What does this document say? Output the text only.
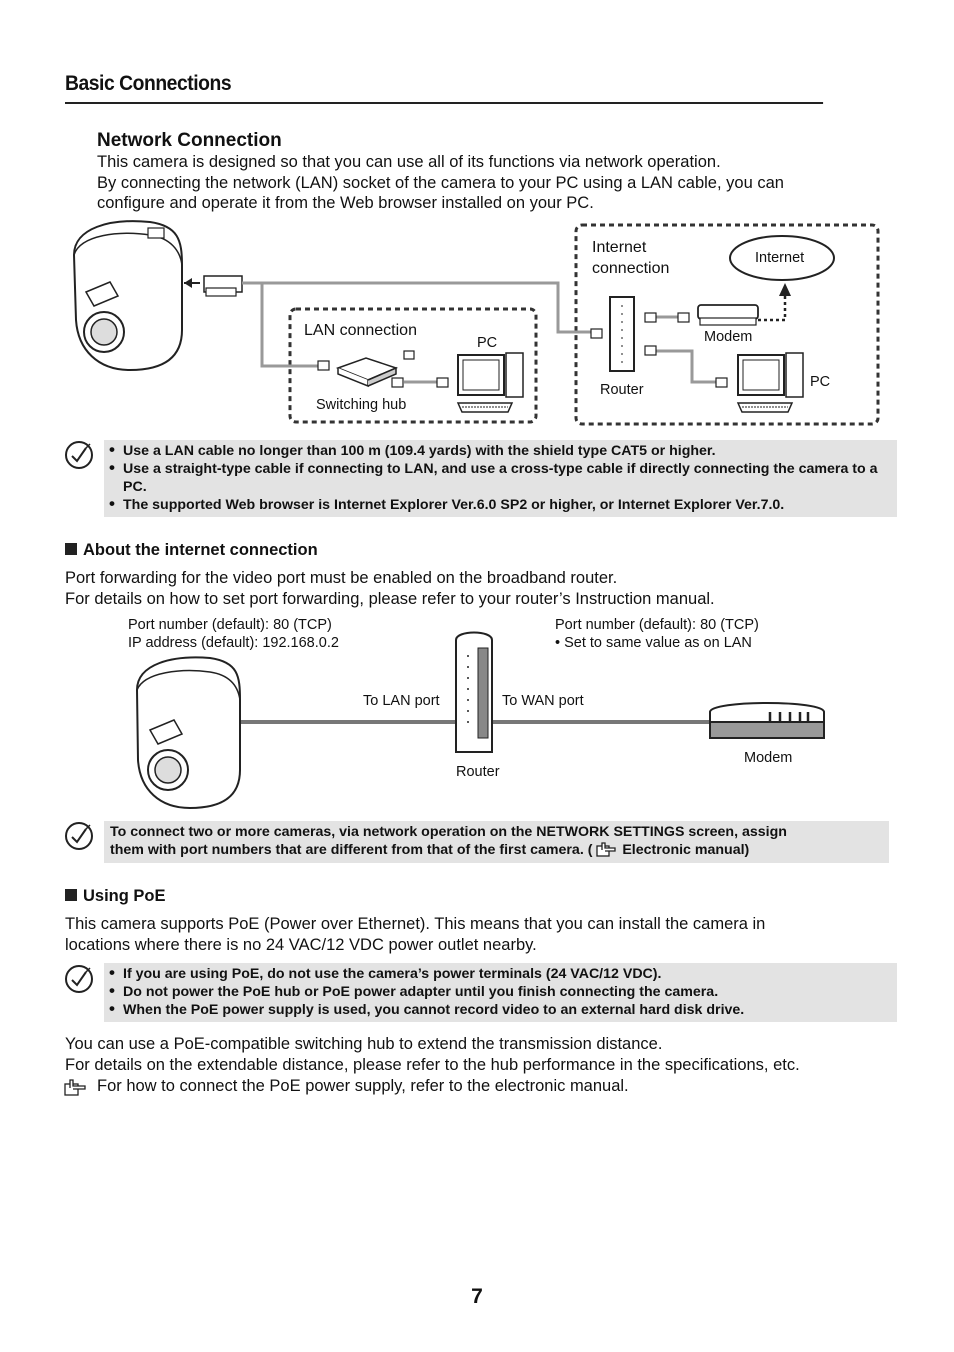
Basic Connections
Network Connection
This camera is designed so that you can use all of its functions via network operation.
By connecting the network (LAN) socket of the camera to your PC using a LAN cable, you can
configure and operate it from the Web browser installed on your PC.
Internet
connection
Internet
Modem
Router	PC
LAN connection
PC
Switching hub
• Use a LAN cable no longer than 100 m (109.4 yards) with the shield type CAT5 or higher.
• Use a straight-type cable if connecting to LAN, and use a cross-type cable if directly connecting the camera to a PC.
• The supported Web browser is Internet Explorer Ver.6.0 SP2 or higher, or Internet Explorer Ver.7.0.
About the internet connection
Port forwarding for the video port must be enabled on the broadband router.
For details on how to set port forwarding, please refer to your router’s Instruction manual.
Port number (default): 80 (TCP)
IP address (default): 192.168.0.2
Port number (default): 80 (TCP)
• Set to same value as on LAN
To LAN port	To WAN port
Router
Modem
To connect two or more cameras, via network operation on the NETWORK SETTINGS screen, assign
them with port numbers that are different from that of the first camera. ( Electronic manual)
Using PoE
This camera supports PoE (Power over Ethernet). This means that you can install the camera in
locations where there is no 24 VAC/12 VDC power outlet nearby.
• If you are using PoE, do not use the camera’s power terminals (24 VAC/12 VDC).
• Do not power the PoE hub or PoE power adapter until you finish connecting the camera.
• When the PoE power supply is used, you cannot record video to an external hard disk drive.
You can use a PoE-compatible switching hub to extend the transmission distance.
For details on the extendable distance, please refer to the hub performance in the specifications, etc.
For how to connect the PoE power supply, refer to the electronic manual.
7
